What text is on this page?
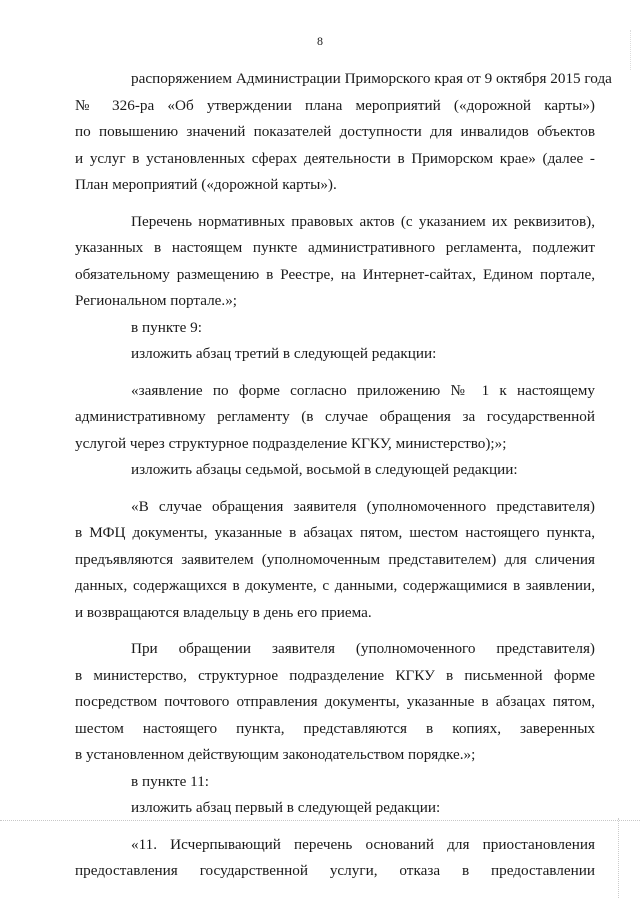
8
распоряжением Администрации Приморского края от 9 октября 2015 года
№ 326-ра «Об утверждении плана мероприятий («дорожной карты»)
по повышению значений показателей доступности для инвалидов объектов
и услуг в установленных сферах деятельности в Приморском крае» (далее -
План мероприятий («дорожной карты»).
Перечень нормативных правовых актов (с указанием их реквизитов),
указанных в настоящем пункте административного регламента, подлежит
обязательному размещению в Реестре, на Интернет-сайтах, Едином портале,
Региональном портале.»;
в пункте 9:
изложить абзац третий в следующей редакции:
«заявление по форме согласно приложению № 1 к настоящему
административному регламенту (в случае обращения за государственной
услугой через структурное подразделение КГКУ, министерство);»;
изложить абзацы седьмой, восьмой в следующей редакции:
«В случае обращения заявителя (уполномоченного представителя)
в МФЦ документы, указанные в абзацах пятом, шестом настоящего пункта,
предъявляются заявителем (уполномоченным представителем) для сличения
данных, содержащихся в документе, с данными, содержащимися в заявлении,
и возвращаются владельцу в день его приема.
При обращении заявителя (уполномоченного представителя)
в министерство, структурное подразделение КГКУ в письменной форме
посредством почтового отправления документы, указанные в абзацах пятом,
шестом настоящего пункта, представляются в копиях, заверенных
в установленном действующим законодательством порядке.»;
в пункте 11:
изложить абзац первый в следующей редакции:
«11. Исчерпывающий перечень оснований для приостановления
предоставления государственной услуги, отказа в предоставлении
